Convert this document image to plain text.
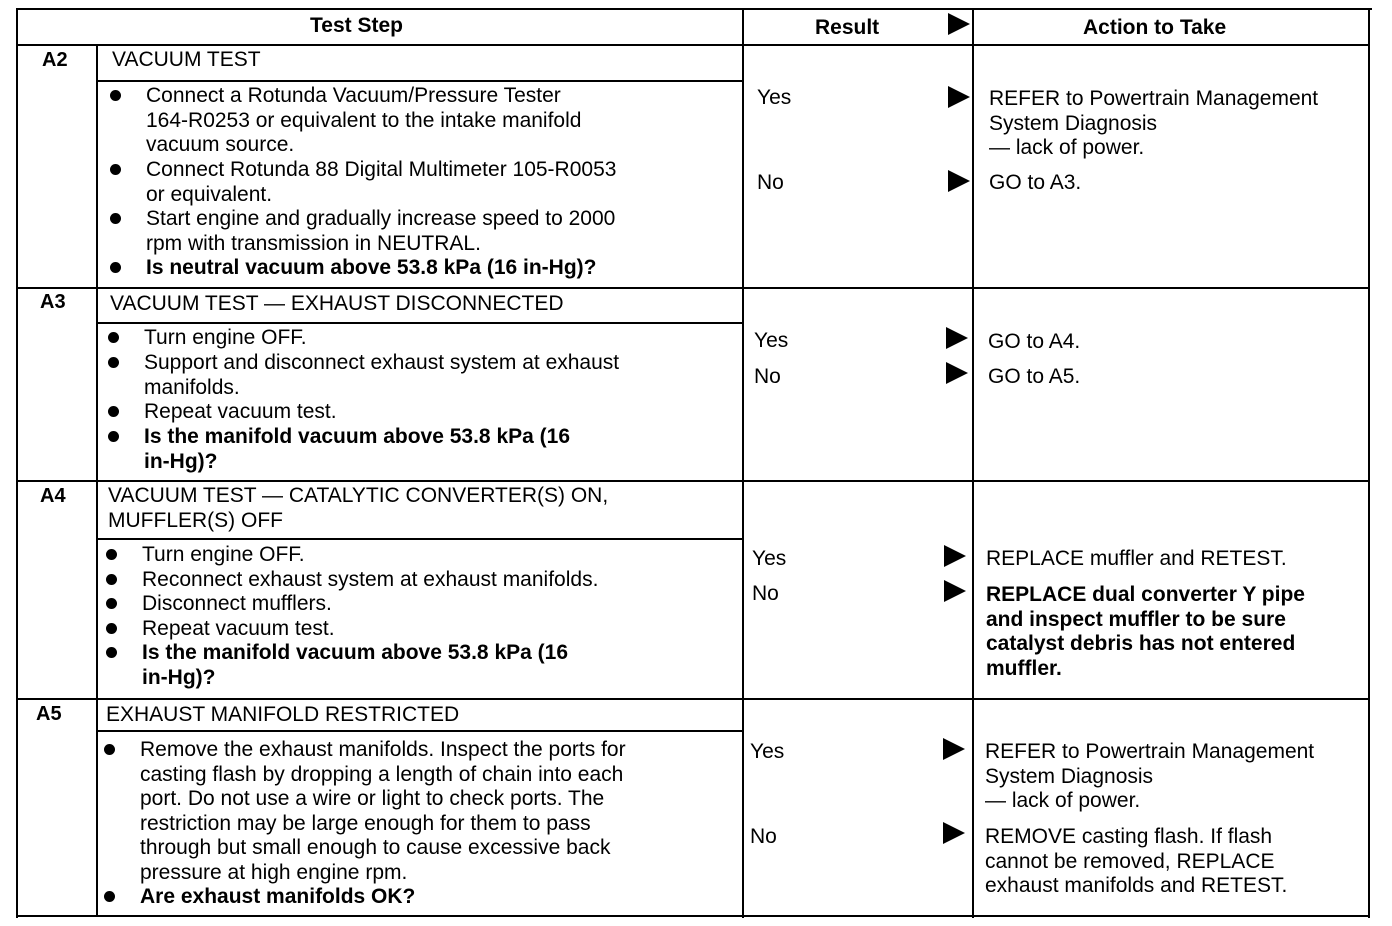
Test Step	Result	Action to Take
A2 VACUUM TEST
Connect a Rotunda Vacuum/Pressure Tester
164-R0253 or equivalent to the intake manifold
vacuum source.
Connect Rotunda 88 Digital Multimeter 105-R0053
or equivalent.
Start engine and gradually increase speed to 2000
rpm with transmission in NEUTRAL.
Is neutral vacuum above 53.8 kPa (16 in-Hg)?
Yes	REFER to Powertrain Management
System Diagnosis
— lack of power.
No	GO to A3.
A3 VACUUM TEST — EXHAUST DISCONNECTED
Turn engine OFF.
Support and disconnect exhaust system at exhaust
manifolds.
Repeat vacuum test.
Is the manifold vacuum above 53.8 kPa (16
in-Hg)?
Yes	GO to A4.
No	GO to A5.
A4 VACUUM TEST — CATALYTIC CONVERTER(S) ON,
MUFFLER(S) OFF
Turn engine OFF.
Reconnect exhaust system at exhaust manifolds.
Disconnect mufflers.
Repeat vacuum test.
Is the manifold vacuum above 53.8 kPa (16
in-Hg)?
Yes	REPLACE muffler and RETEST.
No	REPLACE dual converter Y pipe
and inspect muffler to be sure
catalyst debris has not entered
muffler.
A5 EXHAUST MANIFOLD RESTRICTED
Remove the exhaust manifolds. Inspect the ports for
casting flash by dropping a length of chain into each
port. Do not use a wire or light to check ports. The
restriction may be large enough for them to pass
through but small enough to cause excessive back
pressure at high engine rpm.
Are exhaust manifolds OK?
Yes	REFER to Powertrain Management
System Diagnosis
— lack of power.
No	REMOVE casting flash. If flash
cannot be removed, REPLACE
exhaust manifolds and RETEST.
